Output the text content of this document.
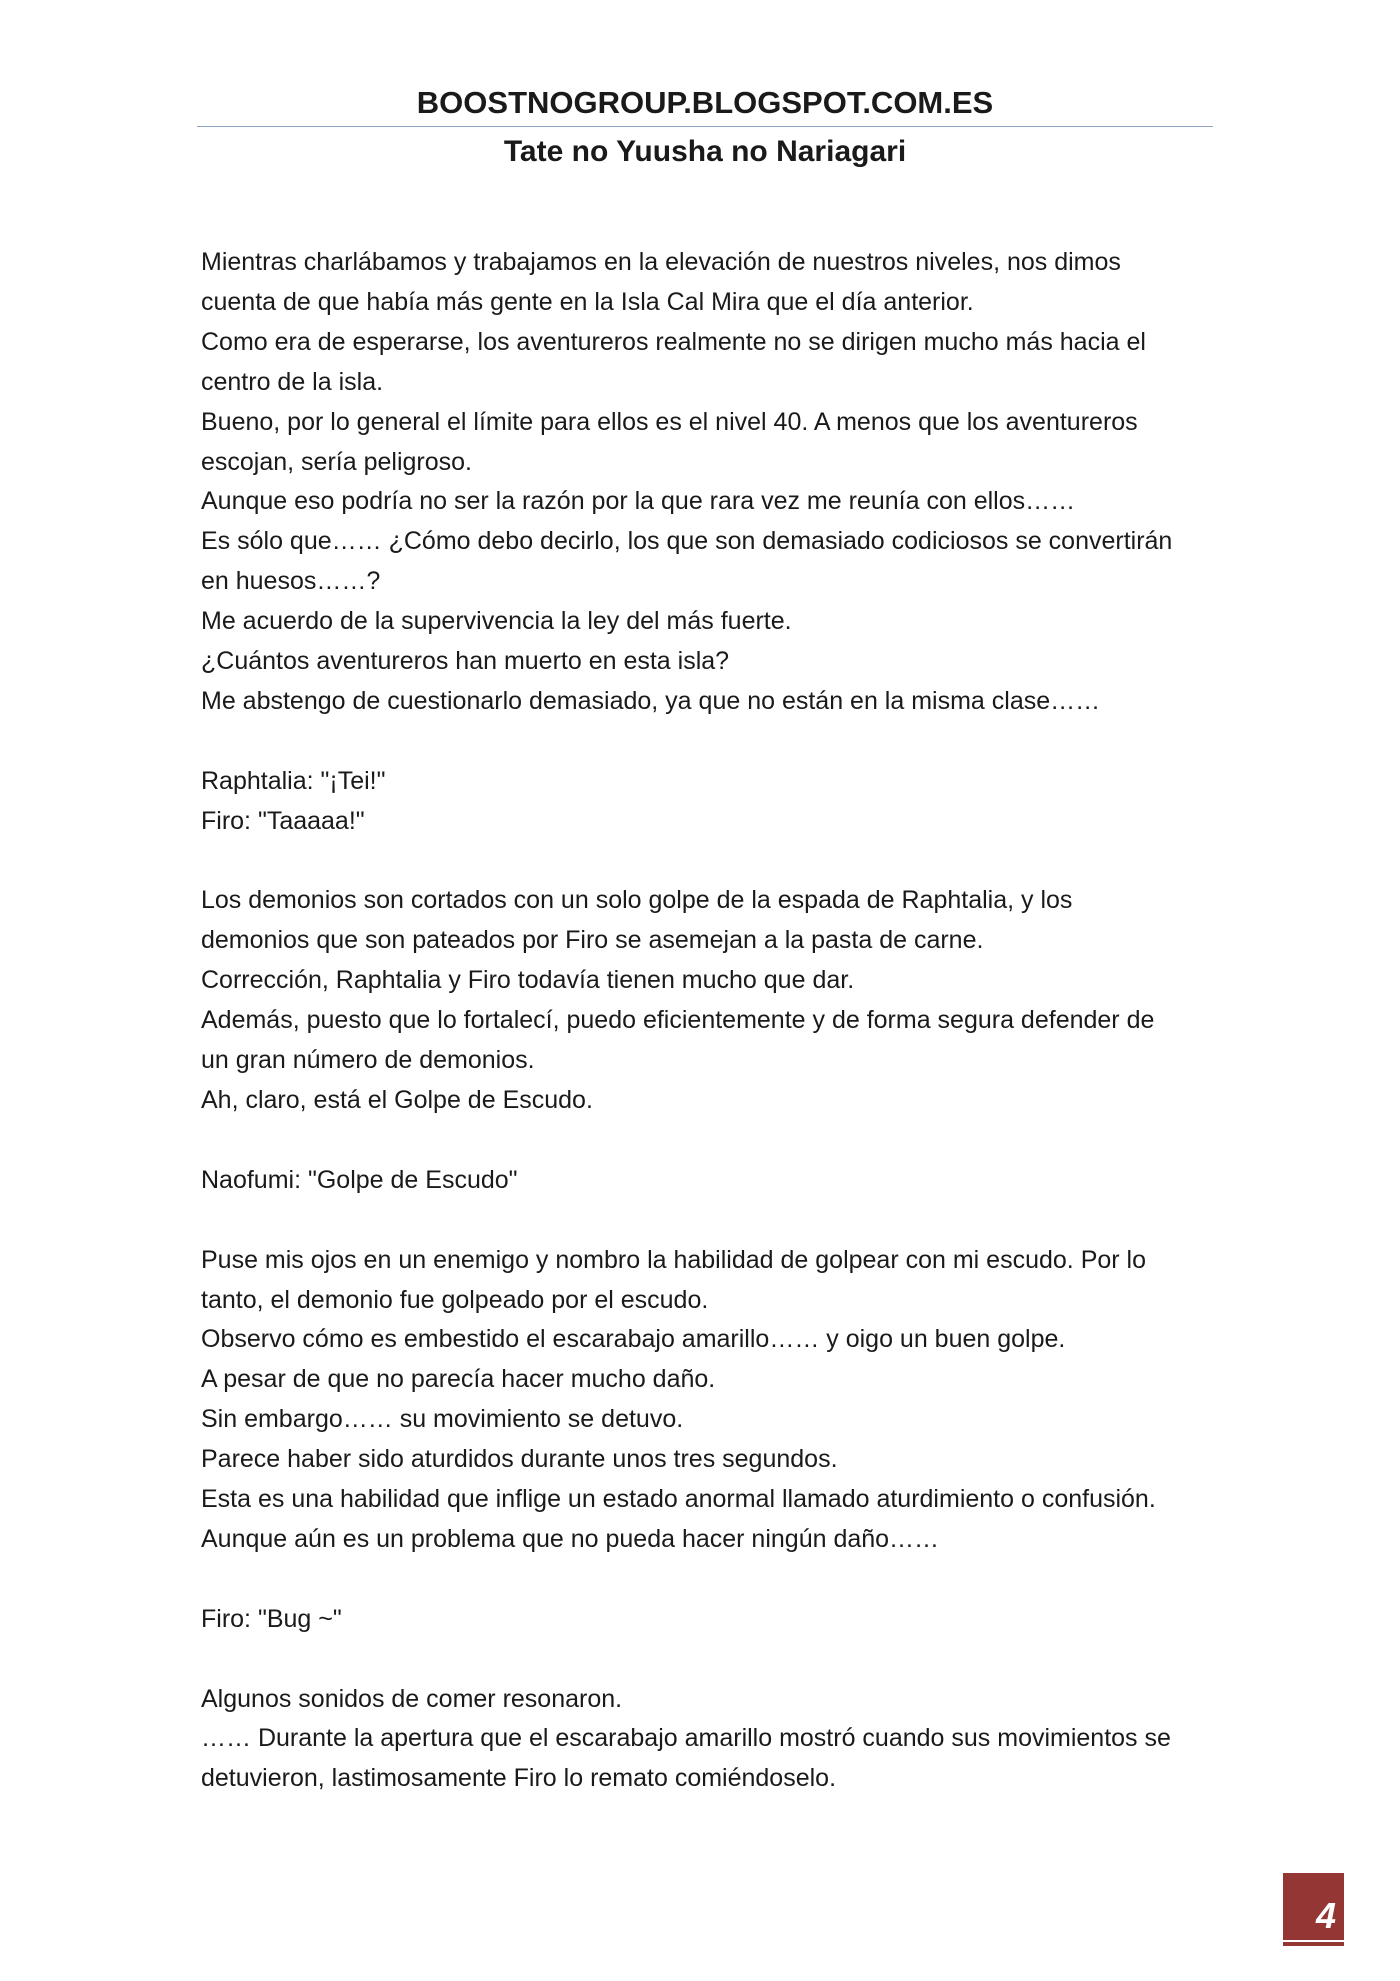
BOOSTNOGROUP.BLOGSPOT.COM.ES
Tate no Yuusha no Nariagari

Mientras charlábamos y trabajamos en la elevación de nuestros niveles, nos dimos

cuenta de que había más gente en la Isla Cal Mira que el día anterior.

Como era de esperarse, los aventureros realmente no se dirigen mucho más hacia el

centro de la isla.

Bueno, por lo general el límite para ellos es el nivel 40. A menos que los aventureros

escojan, sería peligroso.

Aunque eso podría no ser la razón por la que rara vez me reunía con ellos……

Es sólo que…… ¿Cómo debo decirlo, los que son demasiado codiciosos se convertirán

en huesos……?

Me acuerdo de la supervivencia la ley del más fuerte.

¿Cuántos aventureros han muerto en esta isla?

Me abstengo de cuestionarlo demasiado, ya que no están en la misma clase……

Raphtalia: "¡Tei!"

Firo: "Taaaaa!"

Los demonios son cortados con un solo golpe de la espada de Raphtalia, y los

demonios que son pateados por Firo se asemejan a la pasta de carne.

Corrección, Raphtalia y Firo todavía tienen mucho que dar.

Además, puesto que lo fortalecí, puedo eficientemente y de forma segura defender de

un gran número de demonios.

Ah, claro, está el Golpe de Escudo.

Naofumi: "Golpe de Escudo"

Puse mis ojos en un enemigo y nombro la habilidad de golpear con mi escudo. Por lo

tanto, el demonio fue golpeado por el escudo.

Observo cómo es embestido el escarabajo amarillo…… y oigo un buen golpe.

A pesar de que no parecía hacer mucho daño.

Sin embargo…… su movimiento se detuvo.

Parece haber sido aturdidos durante unos tres segundos.

Esta es una habilidad que inflige un estado anormal llamado aturdimiento o confusión.

Aunque aún es un problema que no pueda hacer ningún daño……

Firo: "Bug ~"

Algunos sonidos de comer resonaron.

…… Durante la apertura que el escarabajo amarillo mostró cuando sus movimientos se

detuvieron, lastimosamente Firo lo remato comiéndoselo.

4
